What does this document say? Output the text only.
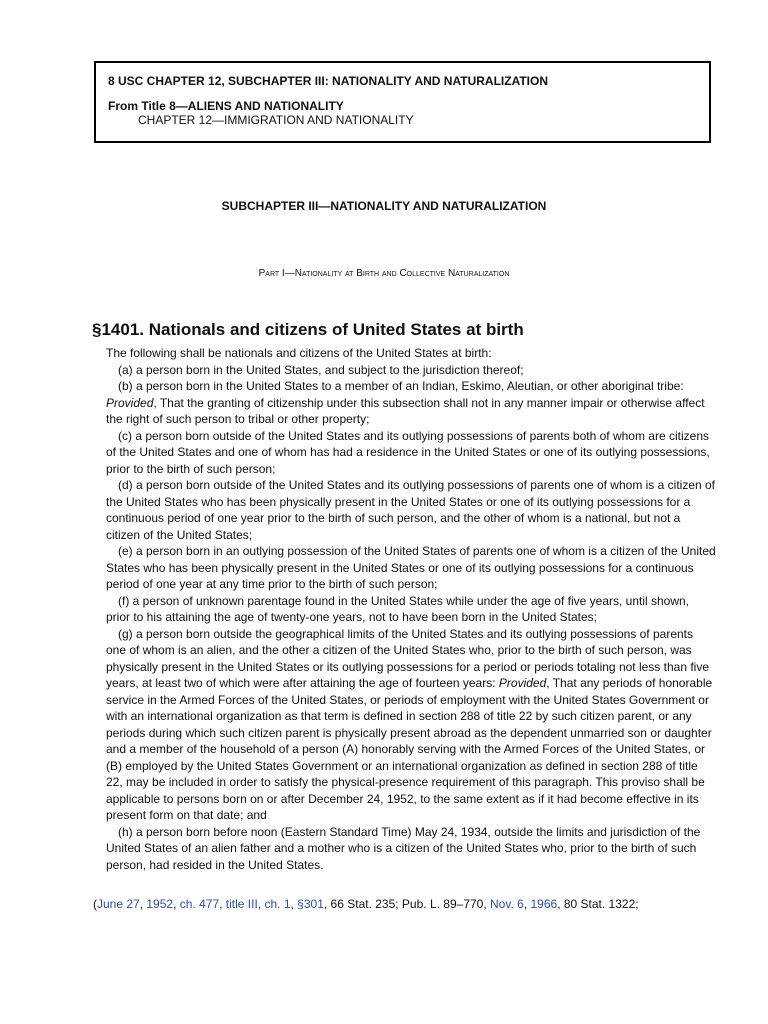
8 USC CHAPTER 12, SUBCHAPTER III: NATIONALITY AND NATURALIZATION

From Title 8—ALIENS AND NATIONALITY

CHAPTER 12—IMMIGRATION AND NATIONALITY

SUBCHAPTER III—NATIONALITY AND NATURALIZATION
Part I—Nationality at Birth and Collective Naturalization
§1401. Nationals and citizens of United States at birth

The following shall be nationals and citizens of the United States at birth:

(a) a person born in the United States, and subject to the jurisdiction thereof;

(b) a person born in the United States to a member of an Indian, Eskimo, Aleutian, or other aboriginal tribe: Provided, That the granting of citizenship under this subsection shall not in any manner impair or otherwise affect the right of such person to tribal or other property;

(c) a person born outside of the United States and its outlying possessions of parents both of whom are citizens of the United States and one of whom has had a residence in the United States or one of its outlying possessions, prior to the birth of such person;

(d) a person born outside of the United States and its outlying possessions of parents one of whom is a citizen of the United States who has been physically present in the United States or one of its outlying possessions for a continuous period of one year prior to the birth of such person, and the other of whom is a national, but not a citizen of the United States;

(e) a person born in an outlying possession of the United States of parents one of whom is a citizen of the United States who has been physically present in the United States or one of its outlying possessions for a continuous period of one year at any time prior to the birth of such person;

(f) a person of unknown parentage found in the United States while under the age of five years, until shown, prior to his attaining the age of twenty-one years, not to have been born in the United States;

(g) a person born outside the geographical limits of the United States and its outlying possessions of parents one of whom is an alien, and the other a citizen of the United States who, prior to the birth of such person, was physically present in the United States or its outlying possessions for a period or periods totaling not less than five years, at least two of which were after attaining the age of fourteen years: Provided, That any periods of honorable service in the Armed Forces of the United States, or periods of employment with the United States Government or with an international organization as that term is defined in section 288 of title 22 by such citizen parent, or any periods during which such citizen parent is physically present abroad as the dependent unmarried son or daughter and a member of the household of a person (A) honorably serving with the Armed Forces of the United States, or (B) employed by the United States Government or an international organization as defined in section 288 of title 22, may be included in order to satisfy the physical-presence requirement of this paragraph. This proviso shall be applicable to persons born on or after December 24, 1952, to the same extent as if it had become effective in its present form on that date; and

(h) a person born before noon (Eastern Standard Time) May 24, 1934, outside the limits and jurisdiction of the United States of an alien father and a mother who is a citizen of the United States who, prior to the birth of such person, had resided in the United States.

(June 27, 1952, ch. 477, title III, ch. 1, §301, 66 Stat. 235; Pub. L. 89–770, Nov. 6, 1966, 80 Stat. 1322;
